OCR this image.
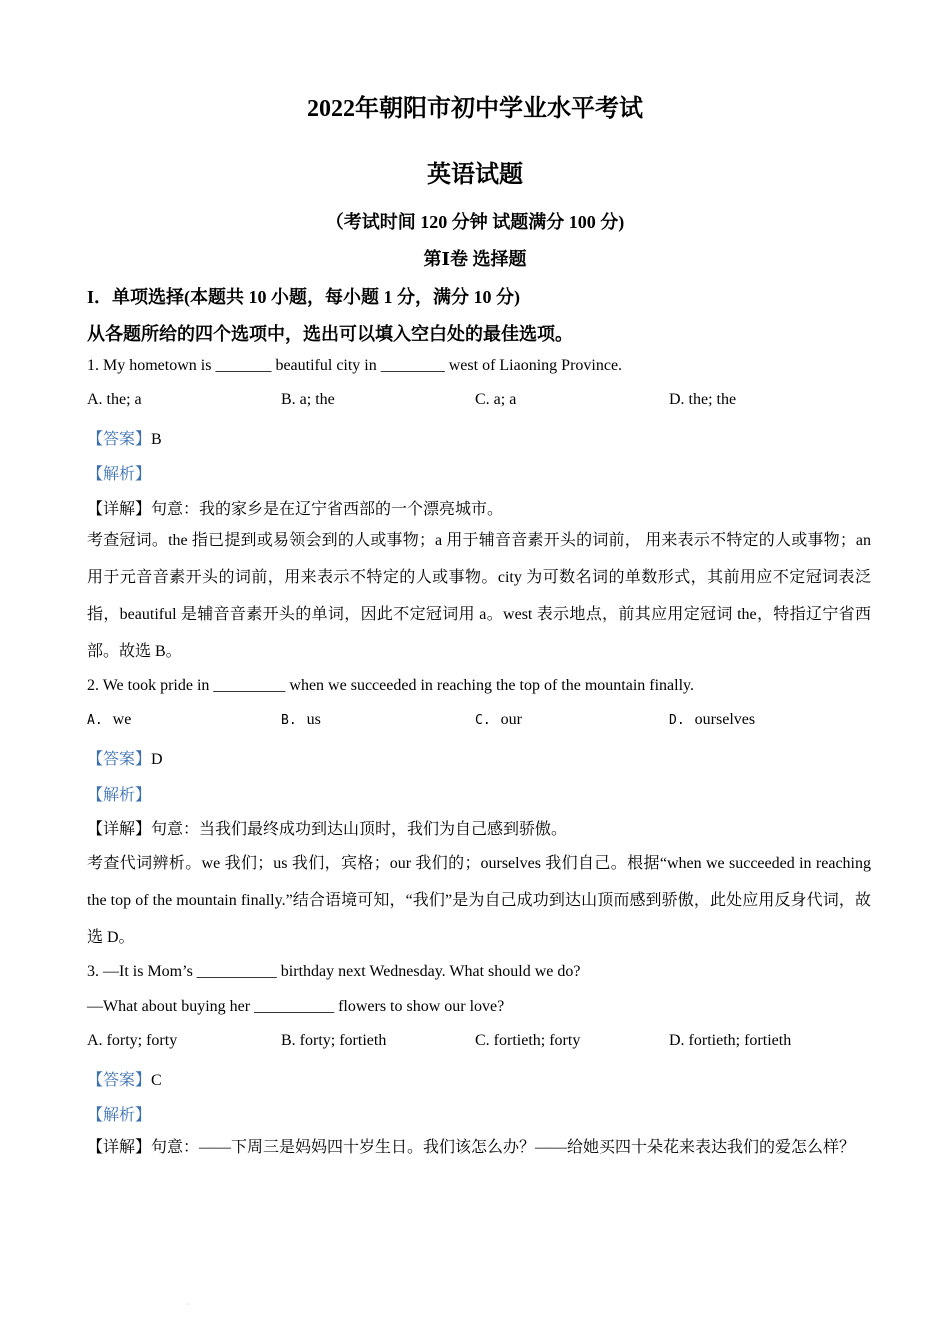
2022年朝阳市初中学业水平考试
英语试题
（考试时间 120 分钟 试题满分 100 分)
第Ⅰ卷 选择题
I．单项选择(本题共 10 小题，每小题 1 分，满分 10 分)
从各题所给的四个选项中，选出可以填入空白处的最佳选项。
1. My hometown is _______ beautiful city in ________ west of Liaoning Province.
A. the; a	B. a; the	C. a; a	D. the; the
【答案】B
【解析】
【详解】句意：我的家乡是在辽宁省西部的一个漂亮城市。
考查冠词。the 指已提到或易领会到的人或事物；a 用于辅音音素开头的词前， 用来表示不特定的人或事物；an 用于元音音素开头的词前，用来表示不特定的人或事物。city 为可数名词的单数形式，其前用应不定冠词表泛指，beautiful 是辅音音素开头的单词，因此不定冠词用 a。west 表示地点，前其应用定冠词 the，特指辽宁省西部。故选 B。
2. We took pride in _________ when we succeeded in reaching the top of the mountain finally.
A. we	B. us	C. our	D. ourselves
【答案】D
【解析】
【详解】句意：当我们最终成功到达山顶时，我们为自己感到骄傲。
考查代词辨析。we 我们；us 我们，宾格；our 我们的；ourselves 我们自己。根据“when we succeeded in reaching the top of the mountain finally.”结合语境可知，“我们”是为自己成功到达山顶而感到骄傲，此处应用反身代词，故选 D。
3. —It is Mom’s __________ birthday next Wednesday. What should we do?
—What about buying her __________ flowers to show our love?
A. forty; forty	B. forty; fortieth	C. fortieth; forty	D. fortieth; fortieth
【答案】C
【解析】
【详解】句意：——下周三是妈妈四十岁生日。我们该怎么办？——给她买四十朵花来表达我们的爱怎么样？
·
